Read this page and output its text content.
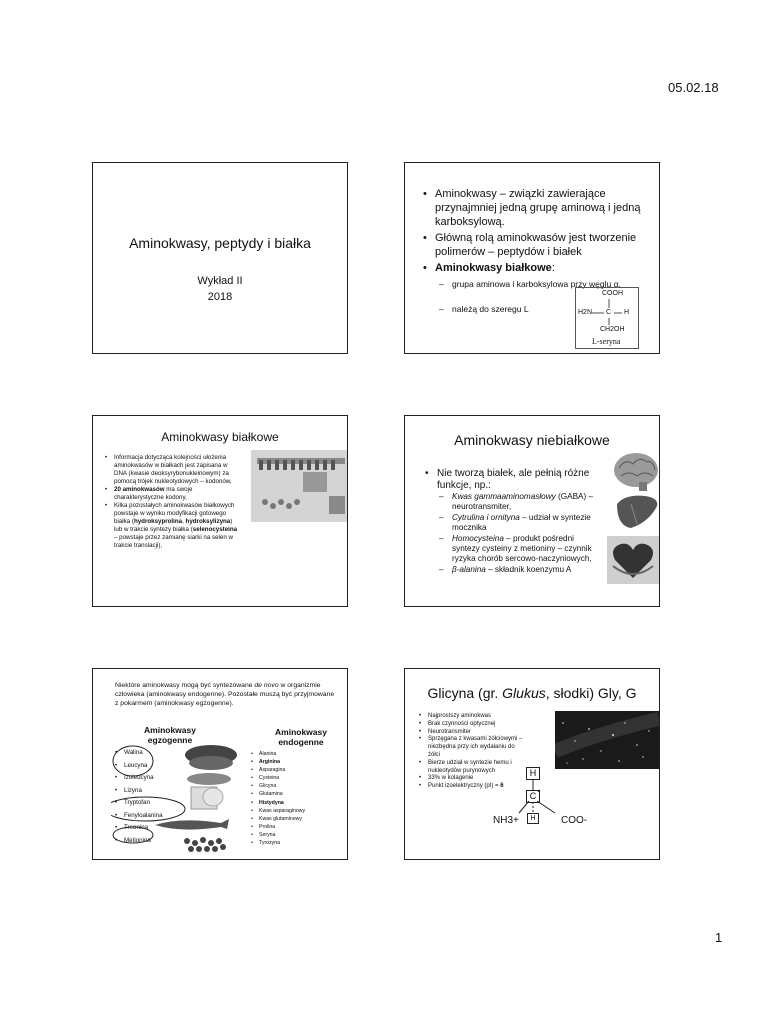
05.02.18
Aminokwasy, peptydy i białka
Wykład II
2018
• Aminokwasy – związki zawierające przynajmniej jedną grupę aminową i jedną karboksylową.
• Główną rolą aminokwasów jest tworzenie polimerów – peptydów i białek
• Aminokwasy białkowe:
– grupa aminowa i karboksylowa przy węglu α.
– należą do szeregu L
COOH
H2N C H
CH2OH
L-seryna
Aminokwasy białkowe
• Informacja dotycząca kolejności ułożenia aminokwasów w białkach jest zapisana w DNA (kwasie deoksyrybonukleinowym) za pomocą trójek nukleotydowych – kodonów,
• 20 aminokwasów ma swoje charakterystyczne kodony,
• Kilka pozostałych aminokwasów białkowych powstaje w wyniku modyfikacji gotowego białka (hydroksyprolina, hydroksylizyna) lub w trakcie syntezy białka (selenocysteina – powstaje przez zamianę siarki na selen w trakcie translacji),
Aminokwasy niebiałkowe
• Nie tworzą białek, ale pełnią różne funkcje, np.:
– Kwas gammaaminomasłowy (GABA) – neurotransmiter,
– Cytrulina i ornityna – udział w syntezie mocznika
– Homocysteina – produkt pośredni syntezy cysteiny z metioniny – czynnik ryzyka chorób sercowo-naczyniowych,
– β-alanina – składnik koenzymu A
Niektóre aminokwasy mogą być syntezowane de novo w organizmie człowieka (aminokwasy endogenne). Pozostałe muszą być przyjmowane z pokarmem (aminokwasy egzogenne).
Aminokwasy egzogenne
Aminokwasy endogenne
• Walina
• Leucyna
• Izoleucyna
• Lizyna
• Tryptofan
• Fenyloalanina
• Treonina
• Metionina
• Alanina
• Arginina
• Asparagina
• Cysteina
• Glicyna
• Glutamina
• Histydyna
• Kwas asparaginowy
• Kwas glutaminowy
• Prolina
• Seryna
• Tyrozyna
Glicyna (gr. Glukus, słodki) Gly, G
• Najprostszy aminokwas
• Brak czynności optycznej
• Neurotransmiter
• Sprzęgana z kwasami żółciowymi – niezbędna przy ich wydalaniu do żółci
• Bierze udział w syntezie hemu i nukleotydów purynowych
• 33% w kolagenie
• Punkt izoelektryczny (pI) = 6
H
C
H
NH3+	COO-
1
